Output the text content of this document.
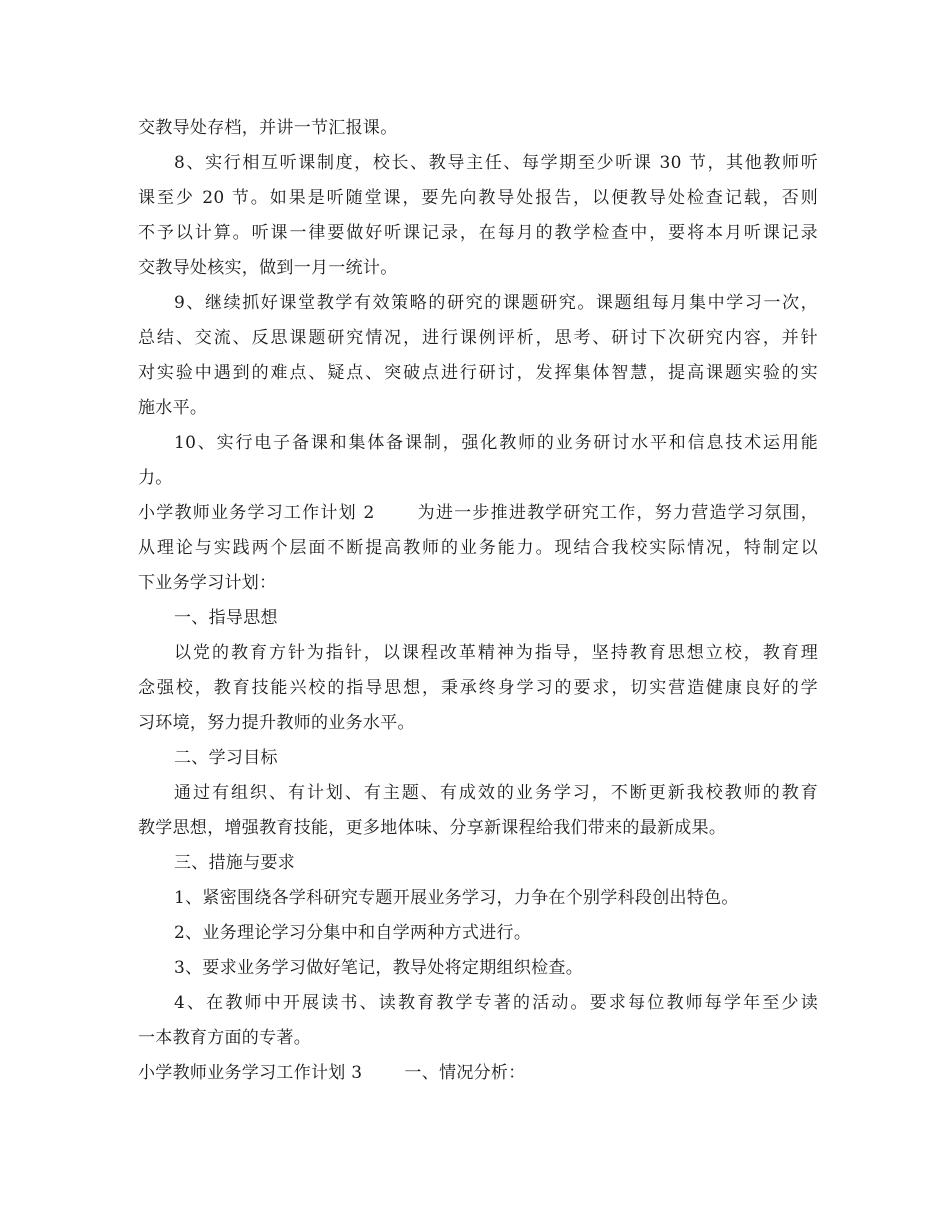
交教导处存档，并讲一节汇报课。
8、实行相互听课制度，校长、教导主任、每学期至少听课 30 节，其他教师听
课至少 20 节。如果是听随堂课，要先向教导处报告，以便教导处检查记载，否则
不予以计算。听课一律要做好听课记录，在每月的教学检查中，要将本月听课记录
交教导处核实，做到一月一统计。
9、继续抓好课堂教学有效策略的研究的课题研究。课题组每月集中学习一次，
总结、交流、反思课题研究情况，进行课例评析，思考、研讨下次研究内容，并针
对实验中遇到的难点、疑点、突破点进行研讨，发挥集体智慧，提高课题实验的实
施水平。
10、实行电子备课和集体备课制，强化教师的业务研讨水平和信息技术运用能
力。
小学教师业务学习工作计划 2 为进一步推进教学研究工作，努力营造学习氛围，
从理论与实践两个层面不断提高教师的业务能力。现结合我校实际情况，特制定以
下业务学习计划：
一、指导思想
以党的教育方针为指针，以课程改革精神为指导，坚持教育思想立校，教育理
念强校，教育技能兴校的指导思想，秉承终身学习的要求，切实营造健康良好的学
习环境，努力提升教师的业务水平。
二、学习目标
通过有组织、有计划、有主题、有成效的业务学习，不断更新我校教师的教育
教学思想，增强教育技能，更多地体味、分享新课程给我们带来的最新成果。
三、措施与要求
1、紧密围绕各学科研究专题开展业务学习，力争在个别学科段创出特色。
2、业务理论学习分集中和自学两种方式进行。
3、要求业务学习做好笔记，教导处将定期组织检查。
4、在教师中开展读书、读教育教学专著的活动。要求每位教师每学年至少读
一本教育方面的专著。
小学教师业务学习工作计划 3 一、情况分析：
